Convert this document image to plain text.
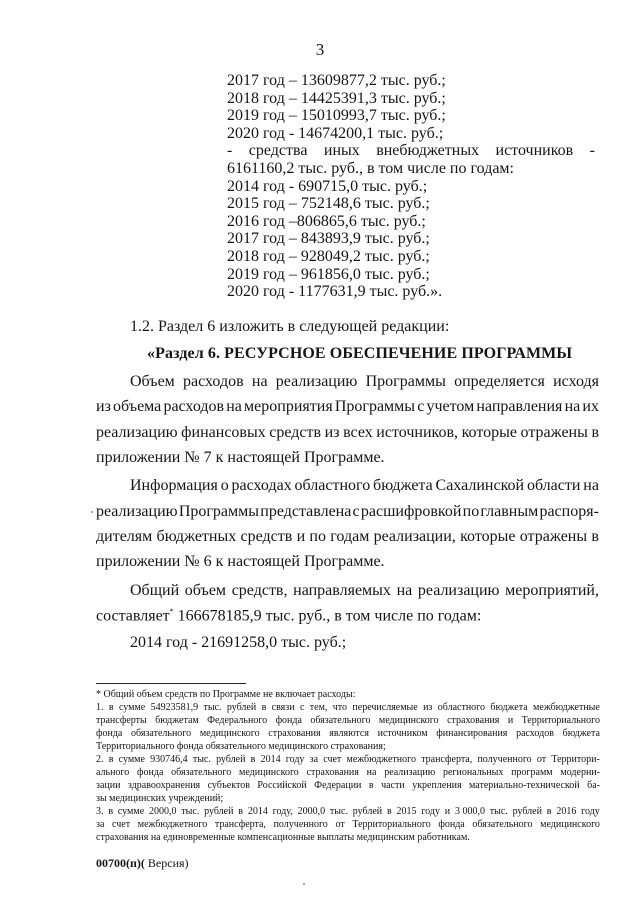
3
2017 год – 13609877,2 тыс. руб.;
2018 год – 14425391,3 тыс. руб.;
2019 год – 15010993,7 тыс. руб.;
2020 год - 14674200,1 тыс. руб.;
- средства иных внебюджетных источников -
6161160,2 тыс. руб., в том числе по годам:
2014 год - 690715,0 тыс. руб.;
2015 год – 752148,6 тыс. руб.;
2016 год –806865,6 тыс. руб.;
2017 год – 843893,9 тыс. руб.;
2018 год – 928049,2 тыс. руб.;
2019 год – 961856,0 тыс. руб.;
2020 год - 1177631,9 тыс. руб.».
1.2. Раздел 6 изложить в следующей редакции:
«Раздел 6. РЕСУРСНОЕ ОБЕСПЕЧЕНИЕ ПРОГРАММЫ
Объем расходов на реализацию Программы определяется исходя
из объема расходов на мероприятия Программы с учетом направления на их
реализацию финансовых средств из всех источников, которые отражены в
приложении № 7 к настоящей Программе.
Информация о расходах областного бюджета Сахалинской области на
реализацию Программы представлена с расшифровкой по главным распоря-
дителям бюджетных средств и по годам реализации, которые отражены в
приложении № 6 к настоящей Программе.
Общий объем средств, направляемых на реализацию мероприятий,
составляет* 166678185,9 тыс. руб., в том числе по годам:
2014 год - 21691258,0 тыс. руб.;
* Общий объем средств по Программе не включает расходы:
1. в сумме 54923581,9 тыс. рублей в связи с тем, что перечисляемые из областного бюджета межбюджетные
трансферты бюджетам Федерального фонда обязательного медицинского страхования и Территориального
фонда обязательного медицинского страхования являются источником финансирования расходов бюджета
Территориального фонда обязательного медицинского страхования;
2. в сумме 930746,4 тыс. рублей в 2014 году за счет межбюджетного трансферта, полученного от Территори-
ального фонда обязательного медицинского страхования на реализацию региональных программ модерни-
зации здравоохранения субъектов Российской Федерации в части укрепления материально-технической ба-
зы медицинских учреждений;
3. в сумме 2000,0 тыс. рублей в 2014 году, 2000,0 тыс. рублей в 2015 году и 3 000,0 тыс. рублей в 2016 году
за счет межбюджетного трансферта, полученного от Территориального фонда обязательного медицинского
страхования на единовременные компенсационные выплаты медицинским работникам.
00700(п)( Версия)
